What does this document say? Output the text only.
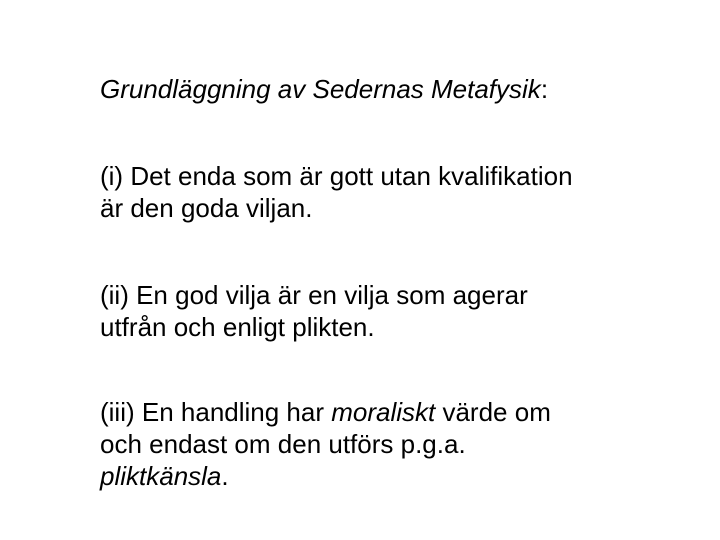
Grundläggning av Sedernas Metafysik:

(i) Det enda som är gott utan kvalifikation
är den goda viljan.

(ii) En god vilja är en vilja som agerar
utfrån och enligt plikten.

(iii) En handling har moraliskt värde om
och endast om den utförs p.g.a.
pliktkänsla.
